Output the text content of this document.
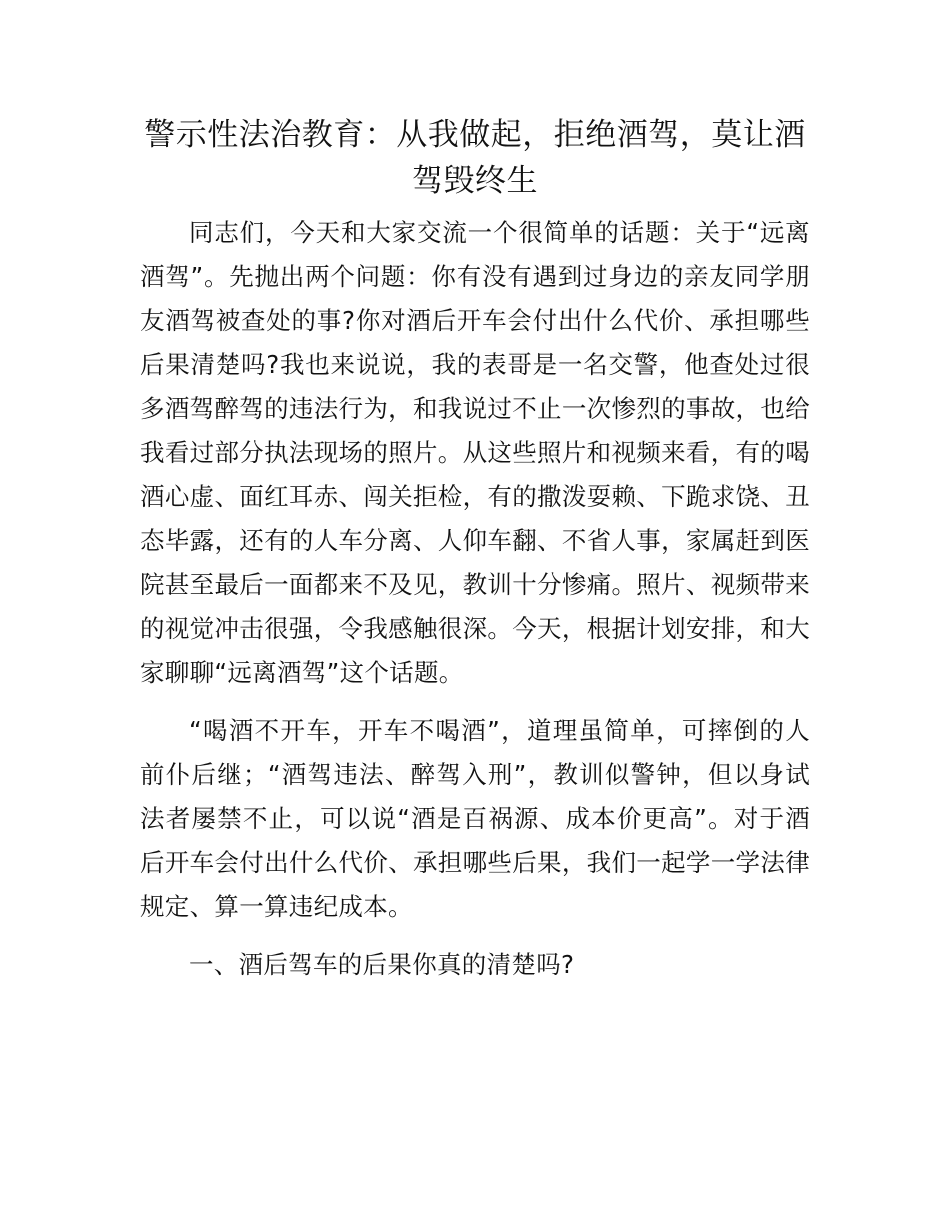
警示性法治教育：从我做起，拒绝酒驾，莫让酒驾毁终生

同志们，今天和大家交流一个很简单的话题：关于“远离酒驾”。先抛出两个问题：你有没有遇到过身边的亲友同学朋友酒驾被查处的事?你对酒后开车会付出什么代价、承担哪些后果清楚吗?我也来说说，我的表哥是一名交警，他查处过很多酒驾醉驾的违法行为，和我说过不止一次惨烈的事故，也给我看过部分执法现场的照片。从这些照片和视频来看，有的喝酒心虚、面红耳赤、闯关拒检，有的撒泼耍赖、下跪求饶、丑态毕露，还有的人车分离、人仰车翻、不省人事，家属赶到医院甚至最后一面都来不及见，教训十分惨痛。照片、视频带来的视觉冲击很强，令我感触很深。今天，根据计划安排，和大家聊聊“远离酒驾”这个话题。

“喝酒不开车，开车不喝酒”，道理虽简单，可摔倒的人前仆后继；“酒驾违法、醉驾入刑”，教训似警钟，但以身试法者屡禁不止，可以说“酒是百祸源、成本价更高”。对于酒后开车会付出什么代价、承担哪些后果，我们一起学一学法律规定、算一算违纪成本。

一、酒后驾车的后果你真的清楚吗?
